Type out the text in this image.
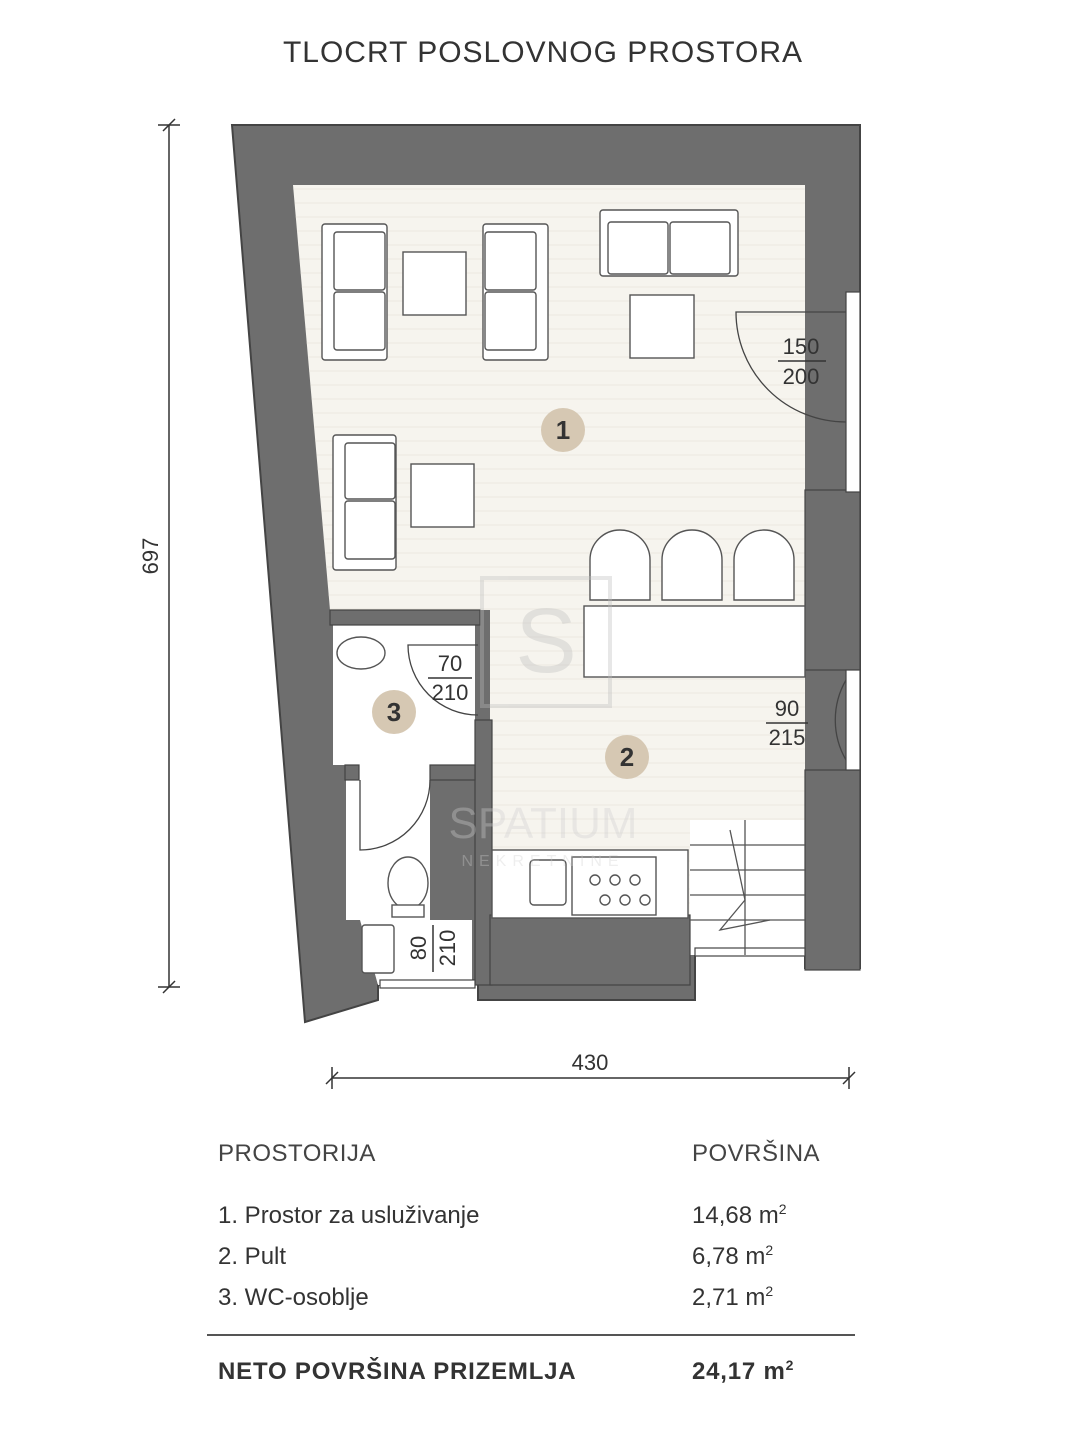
TLOCRT POSLOVNOG PROSTORA
697
430
150
200
70
210
90
215
80 210
S
SPATIUM
NEKRETNINE
1
2
3
PROSTORIJA	POVRŠINA
1. Prostor za usluživanje	14,68 $m^2$
2. Pult	6,78 $m^2$
3. WC-osoblje	2,71 $m^2$
NETO POVRŠINA PRIZEMLJA	24,17 $m^2$
